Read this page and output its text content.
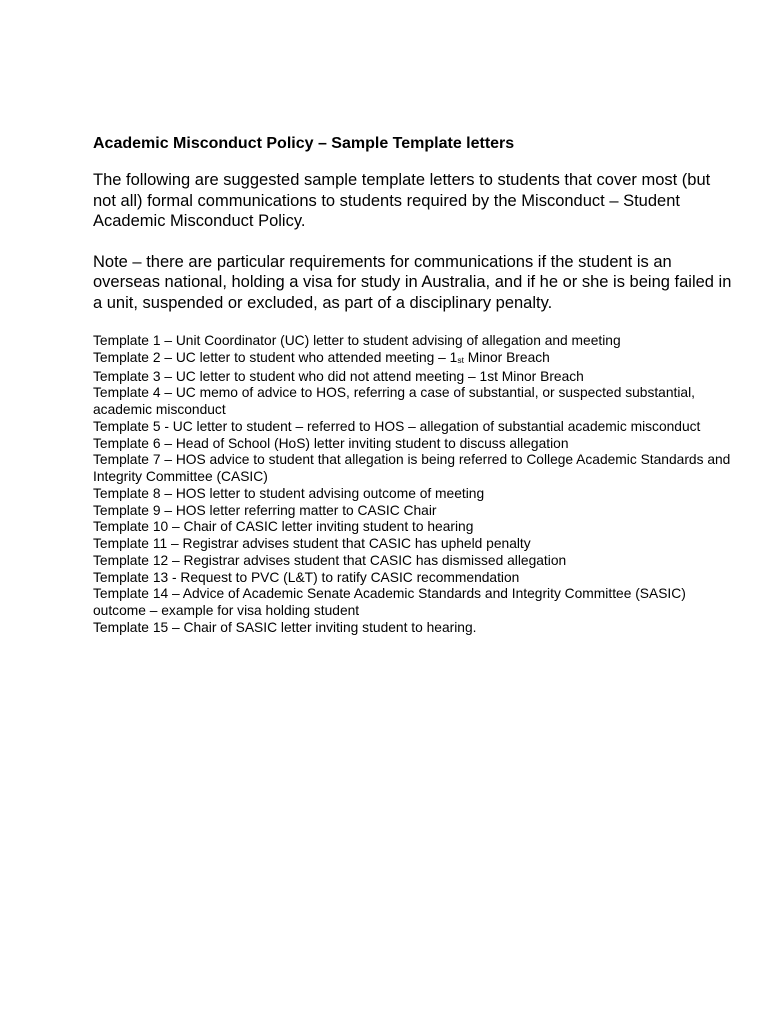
Academic Misconduct Policy – Sample Template letters

The following are suggested sample template letters to students that cover most (but not all) formal communications to students required by the Misconduct – Student Academic Misconduct Policy.

Note – there are particular requirements for communications if the student is an overseas national, holding a visa for study in Australia, and if he or she is being failed in a unit, suspended or excluded, as part of a disciplinary penalty.

Template 1 – Unit Coordinator (UC) letter to student advising of allegation and meeting
Template 2 – UC letter to student who attended meeting – $1_{st}$ Minor Breach
Template 3 – UC letter to student who did not attend meeting – 1st Minor Breach
Template 4 – UC memo of advice to HOS, referring a case of substantial, or suspected substantial, academic misconduct
Template 5 - UC letter to student – referred to HOS – allegation of substantial academic misconduct
Template 6 – Head of School (HoS) letter inviting student to discuss allegation
Template 7 – HOS advice to student that allegation is being referred to College Academic Standards and Integrity Committee (CASIC)
Template 8 – HOS letter to student advising outcome of meeting
Template 9 – HOS letter referring matter to CASIC Chair
Template 10 – Chair of CASIC letter inviting student to hearing
Template 11 – Registrar advises student that CASIC has upheld penalty
Template 12 – Registrar advises student that CASIC has dismissed allegation
Template 13 - Request to PVC (L&T) to ratify CASIC recommendation
Template 14 – Advice of Academic Senate Academic Standards and Integrity Committee (SASIC) outcome – example for visa holding student
Template 15 – Chair of SASIC letter inviting student to hearing.
